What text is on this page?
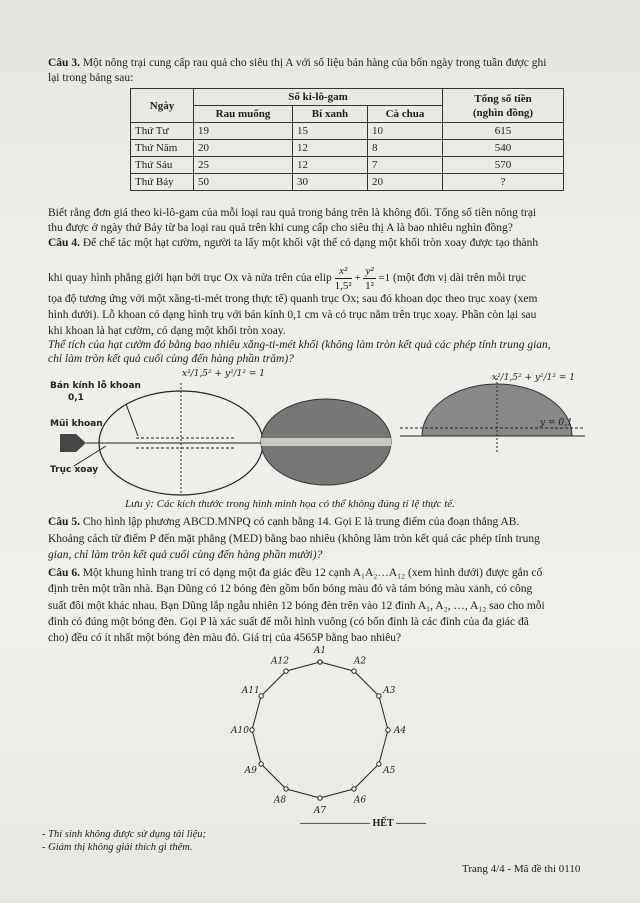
Câu 3. Một nông trại cung cấp rau quả cho siêu thị A với số liệu bán hàng của bốn ngày trong tuần được ghi
lại trong bảng sau:
Ngày	Số ki-lô-gam			Tổng số tiền
(nghìn đồng)
	Rau muống	Bí xanh	Cà chua	
Thứ Tư	19	15	10	615
Thứ Năm	20	12	8	540
Thứ Sáu	25	12	7	570
Thứ Bảy	50	30	20	?
Biết rằng đơn giá theo ki-lô-gam của mỗi loại rau quả trong bảng trên là không đổi. Tổng số tiền nông trại
thu được ở ngày thứ Bảy từ ba loại rau quả trên khi cung cấp cho siêu thị A là bao nhiêu nghìn đồng?
Câu 4. Để chế tác một hạt cườm, người ta lấy một khối vật thể có dạng một khối tròn xoay được tạo thành
khi quay hình phẳng giới hạn bởi trục Ox và nửa trên của elip $\frac{\text{x²}}{\text{1,5²}} + \frac{\text{y²}}{\text{1²}} =1$ (một đơn vị dài trên mỗi trục
tọa độ tương ứng với một xăng-ti-mét trong thực tế) quanh trục Ox; sau đó khoan dọc theo trục xoay (xem
hình dưới). Lỗ khoan có dạng hình trụ với bán kính 0,1 cm và có trục nằm trên trục xoay. Phần còn lại sau
khi khoan là hạt cườm, có dạng một khối tròn xoay.
Thể tích của hạt cườm đó bằng bao nhiêu xăng-ti-mét khối (không làm tròn kết quả các phép tính trung gian,
chỉ làm tròn kết quả cuối cùng đến hàng phần trăm)?
Bán kính lỗ khoan
0,1
Mũi khoan
Trục xoay
x²/1,5² + y²/1² = 1	x²/1,5² + y²/1² = 1
y = 0,1
Lưu ý: Các kích thước trong hình minh họa có thể không đúng tỉ lệ thực tế.
Câu 5. Cho hình lập phương ABCD.MNPQ có cạnh bằng 14. Gọi E là trung điểm của đoạn thẳng AB.
Khoảng cách từ điểm P đến mặt phẳng (MED) bằng bao nhiêu (không làm tròn kết quả các phép tính trung
gian, chỉ làm tròn kết quả cuối cùng đến hàng phần mười)?
Câu 6. Một khung hình trang trí có dạng một đa giác đều 12 cạnh A₁A₂…A₁₂ (xem hình dưới) được gắn cố
định trên một trần nhà. Bạn Dũng có 12 bóng đèn gồm bốn bóng màu đỏ và tám bóng màu xanh, có công
suất đôi một khác nhau. Bạn Dũng lắp ngẫu nhiên 12 bóng đèn trên vào 12 đỉnh A₁, A₂, …, A₁₂ sao cho mỗi
đỉnh có đúng một bóng đèn. Gọi P là xác suất để mỗi hình vuông (có bốn đỉnh là các đỉnh của đa giác đã
cho) đều có ít nhất một bóng đèn màu đỏ. Giá trị của 4565P bằng bao nhiêu?
A1
A2
A3
A4
A5
A6
A7
A8
A9
A10
A11
A12
——————— HẾT ———
- Thí sinh không được sử dụng tài liệu;
- Giám thị không giải thích gì thêm.
Trang 4/4 - Mã đề thi 0110
